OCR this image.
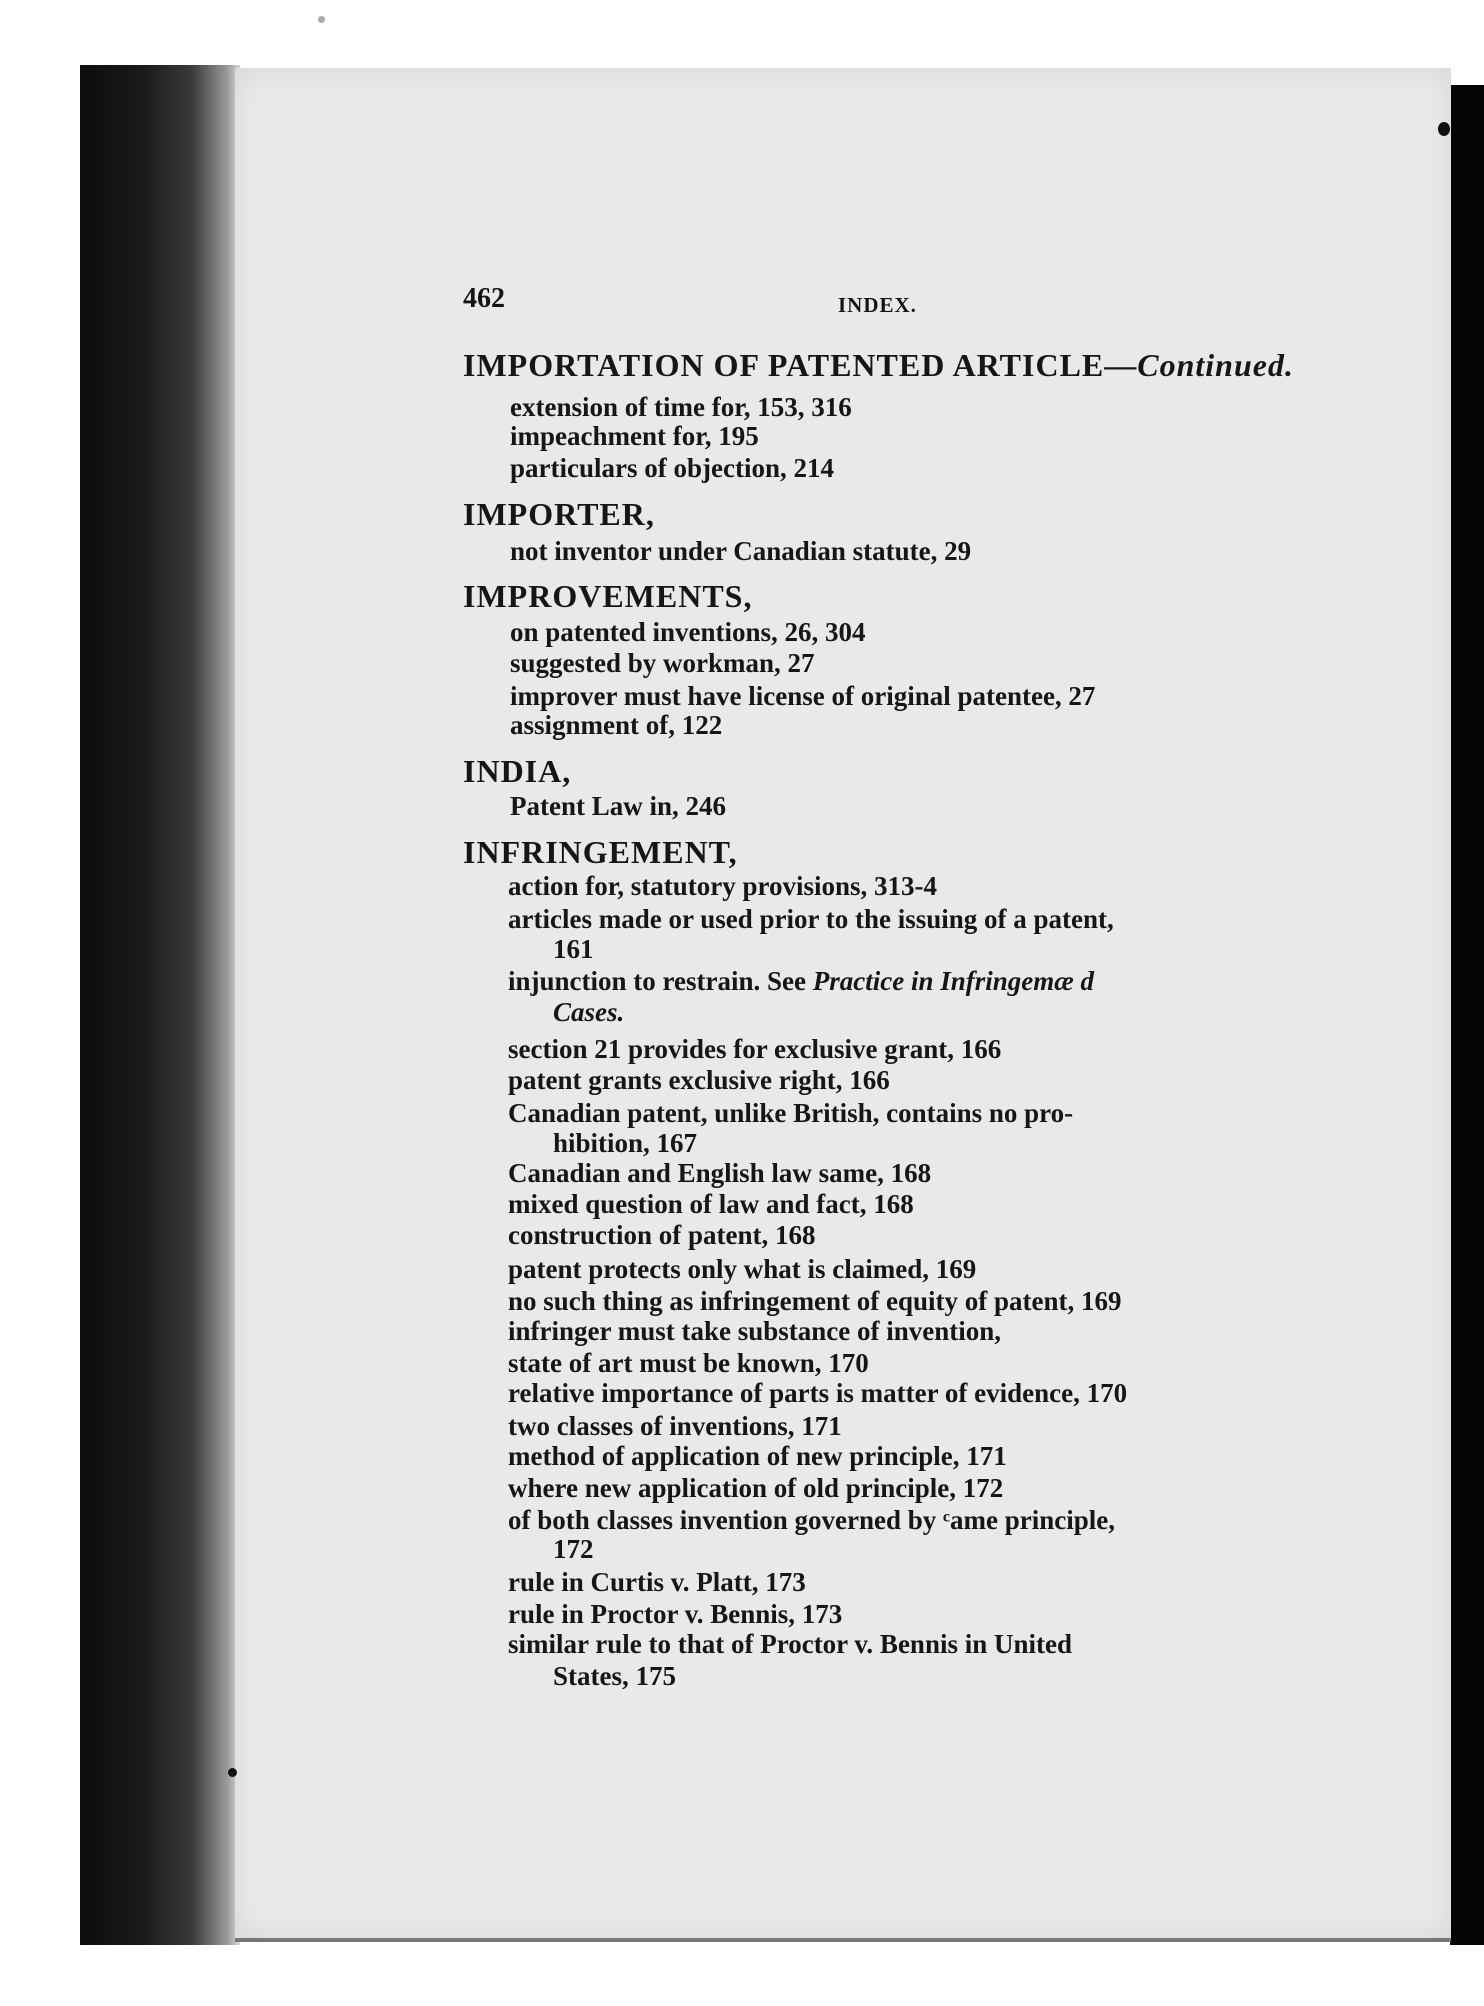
462	INDEX.
IMPORTATION OF PATENTED ARTICLE—Continued.
extension of time for, 153, 316
impeachment for, 195
particulars of objection, 214
IMPORTER,
not inventor under Canadian statute, 29
IMPROVEMENTS,
on patented inventions, 26, 304
suggested by workman, 27
improver must have license of original patentee, 27
assignment of, 122
INDIA,
Patent Law in, 246
INFRINGEMENT,
action for, statutory provisions, 313-4
articles made or used prior to the issuing of a patent,
161
injunction to restrain. See Practice in Infringemæ d
Cases.
section 21 provides for exclusive grant, 166
patent grants exclusive right, 166
Canadian patent, unlike British, contains no pro-
hibition, 167
Canadian and English law same, 168
mixed question of law and fact, 168
construction of patent, 168
patent protects only what is claimed, 169
no such thing as infringement of equity of patent, 169
infringer must take substance of invention,
state of art must be known, 170
relative importance of parts is matter of evidence, 170
two classes of inventions, 171
method of application of new principle, 171
where new application of old principle, 172
of both classes invention governed by ᶜame principle,
172
rule in Curtis v. Platt, 173
rule in Proctor v. Bennis, 173
similar rule to that of Proctor v. Bennis in United
States, 175
